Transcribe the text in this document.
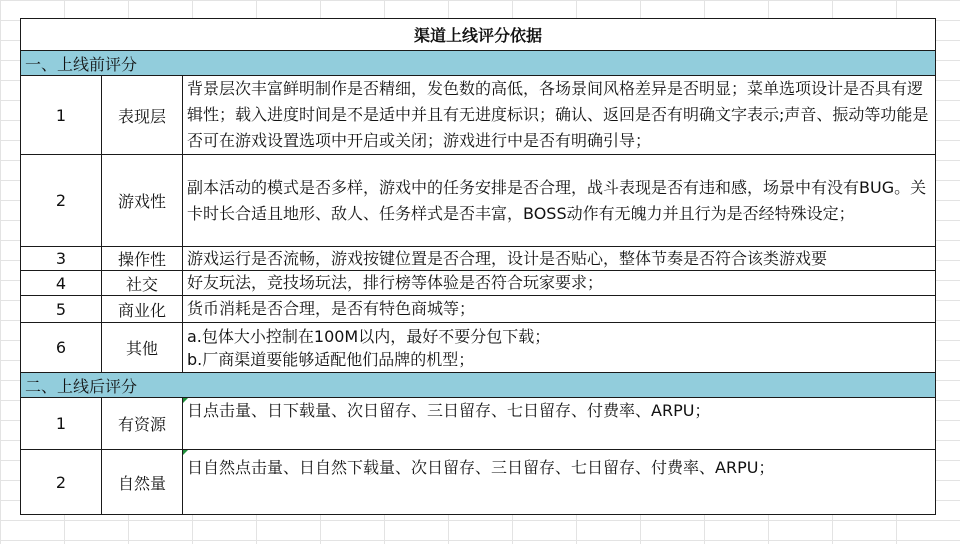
渠道上线评分依据		
一、上线前评分		
1	表现层	背景层次丰富鲜明制作是否精细，发色数的高低，各场景间风格差异是否明显；菜单选项设计是否具有逻辑性；载入进度时间是不是适中并且有无进度标识；确认、返回是否有明确文字表示;声音、振动等功能是否可在游戏设置选项中开启或关闭；游戏进行中是否有明确引导；
2	游戏性	副本活动的模式是否多样，游戏中的任务安排是否合理，战斗表现是否有违和感，场景中有没有BUG。关卡时长合适且地形、敌人、任务样式是否丰富，BOSS动作有无魄力并且行为是否经特殊设定；
3	操作性	游戏运行是否流畅，游戏按键位置是否合理，设计是否贴心，整体节奏是否符合该类游戏要
4	社交	好友玩法，竞技场玩法，排行榜等体验是否符合玩家要求；
5	商业化	货币消耗是否合理，是否有特色商城等；
6	其他	a.包体大小控制在100M以内，最好不要分包下载；
b.厂商渠道要能够适配他们品牌的机型；

二、上线后评分		
1	有资源	日点击量、日下载量、次日留存、三日留存、七日留存、付费率、ARPU；

2	自然量	日自然点击量、日自然下载量、次日留存、三日留存、七日留存、付费率、ARPU；
